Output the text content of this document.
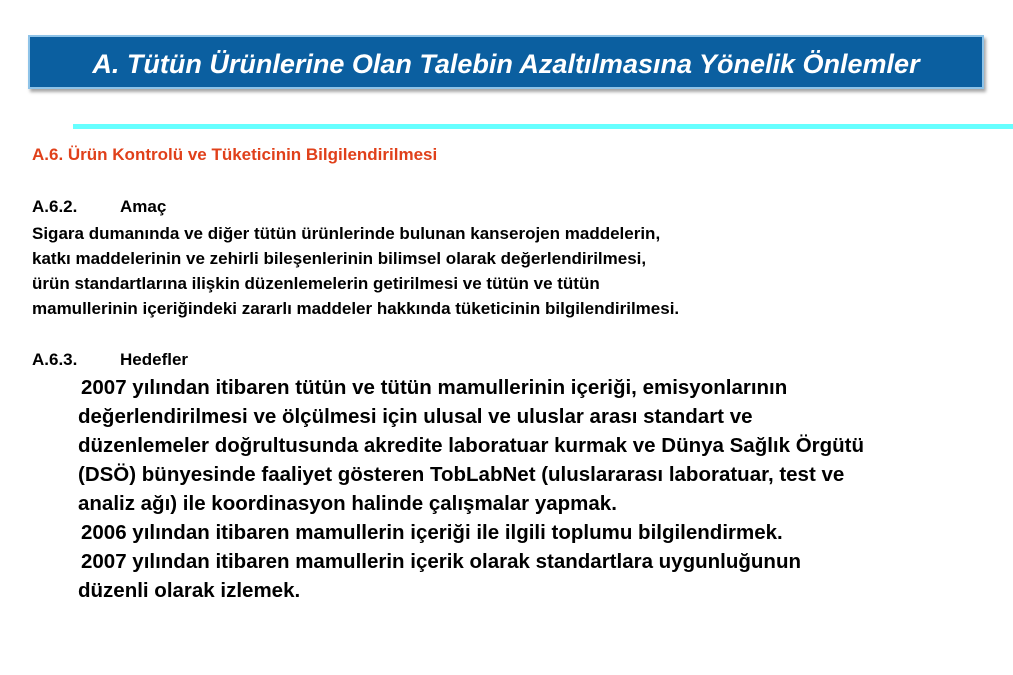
A. Tütün Ürünlerine Olan Talebin Azaltılmasına Yönelik Önlemler
A.6. Ürün Kontrolü ve Tüketicinin Bilgilendirilmesi
A.6.2.	Amaç
Sigara dumanında ve diğer tütün ürünlerinde bulunan kanserojen maddelerin,
katkı maddelerinin ve zehirli bileşenlerinin bilimsel olarak değerlendirilmesi,
ürün standartlarına ilişkin düzenlemelerin getirilmesi ve tütün ve tütün
mamullerinin içeriğindeki zararlı maddeler hakkında tüketicinin bilgilendirilmesi.
A.6.3.	Hedefler
2007 yılından itibaren tütün ve tütün mamullerinin içeriği, emisyonlarının
değerlendirilmesi ve ölçülmesi için ulusal ve uluslar arası standart ve
düzenlemeler doğrultusunda akredite laboratuar kurmak ve Dünya Sağlık Örgütü
(DSÖ) bünyesinde faaliyet gösteren TobLabNet (uluslararası laboratuar, test ve
analiz ağı) ile koordinasyon halinde çalışmalar yapmak.
2006 yılından itibaren mamullerin içeriği ile ilgili toplumu bilgilendirmek.
2007 yılından itibaren mamullerin içerik olarak standartlara uygunluğunun
düzenli olarak izlemek.
